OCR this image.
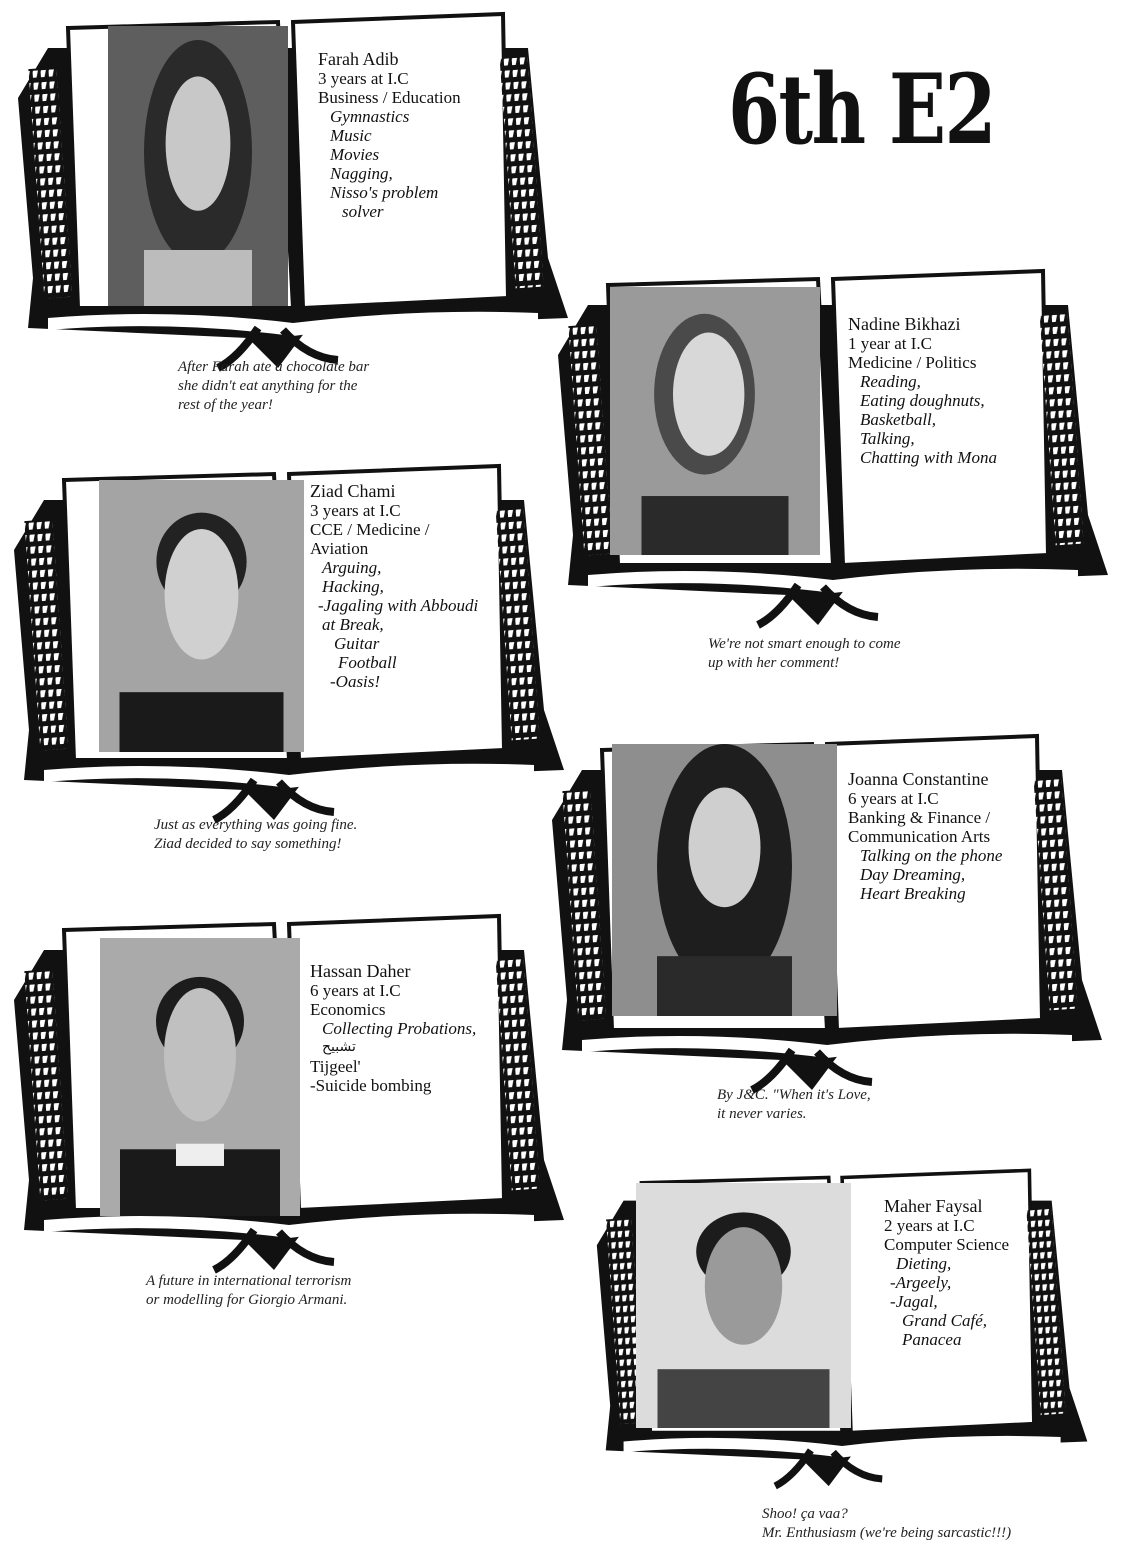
6th E2
Farah Adib
3 years at I.C
Business / Education
Gymnastics
Music
Movies
Nagging,
Nisso's problem
solver
After Farah ate a chocolate bar
she didn't eat anything for the
rest of the year!
Nadine Bikhazi
1 year at I.C
Medicine / Politics
Reading,
Eating doughnuts,
Basketball,
Talking,
Chatting with Mona
We're not smart enough to come
up with her comment!
Ziad Chami
3 years at I.C
CCE / Medicine /
Aviation
Arguing,
Hacking,
-Jagaling with Abboudi
at Break,
Guitar
Football
-Oasis!
Just as everything was going fine.
Ziad decided to say something!
Joanna Constantine
6 years at I.C
Banking & Finance /
Communication Arts
Talking on the phone
Day Dreaming,
Heart Breaking
By J&C. "When it's Love,
it never varies.
Hassan Daher
6 years at I.C
Economics
Collecting Probations,
تشبيح
Tijgeel'
-Suicide bombing
A future in international terrorism
or modelling for Giorgio Armani.
Maher Faysal
2 years at I.C
Computer Science
Dieting,
-Argeely,
-Jagal,
Grand Café,
Panacea
Shoo! ça vaa?
Mr. Enthusiasm (we're being sarcastic!!!)
